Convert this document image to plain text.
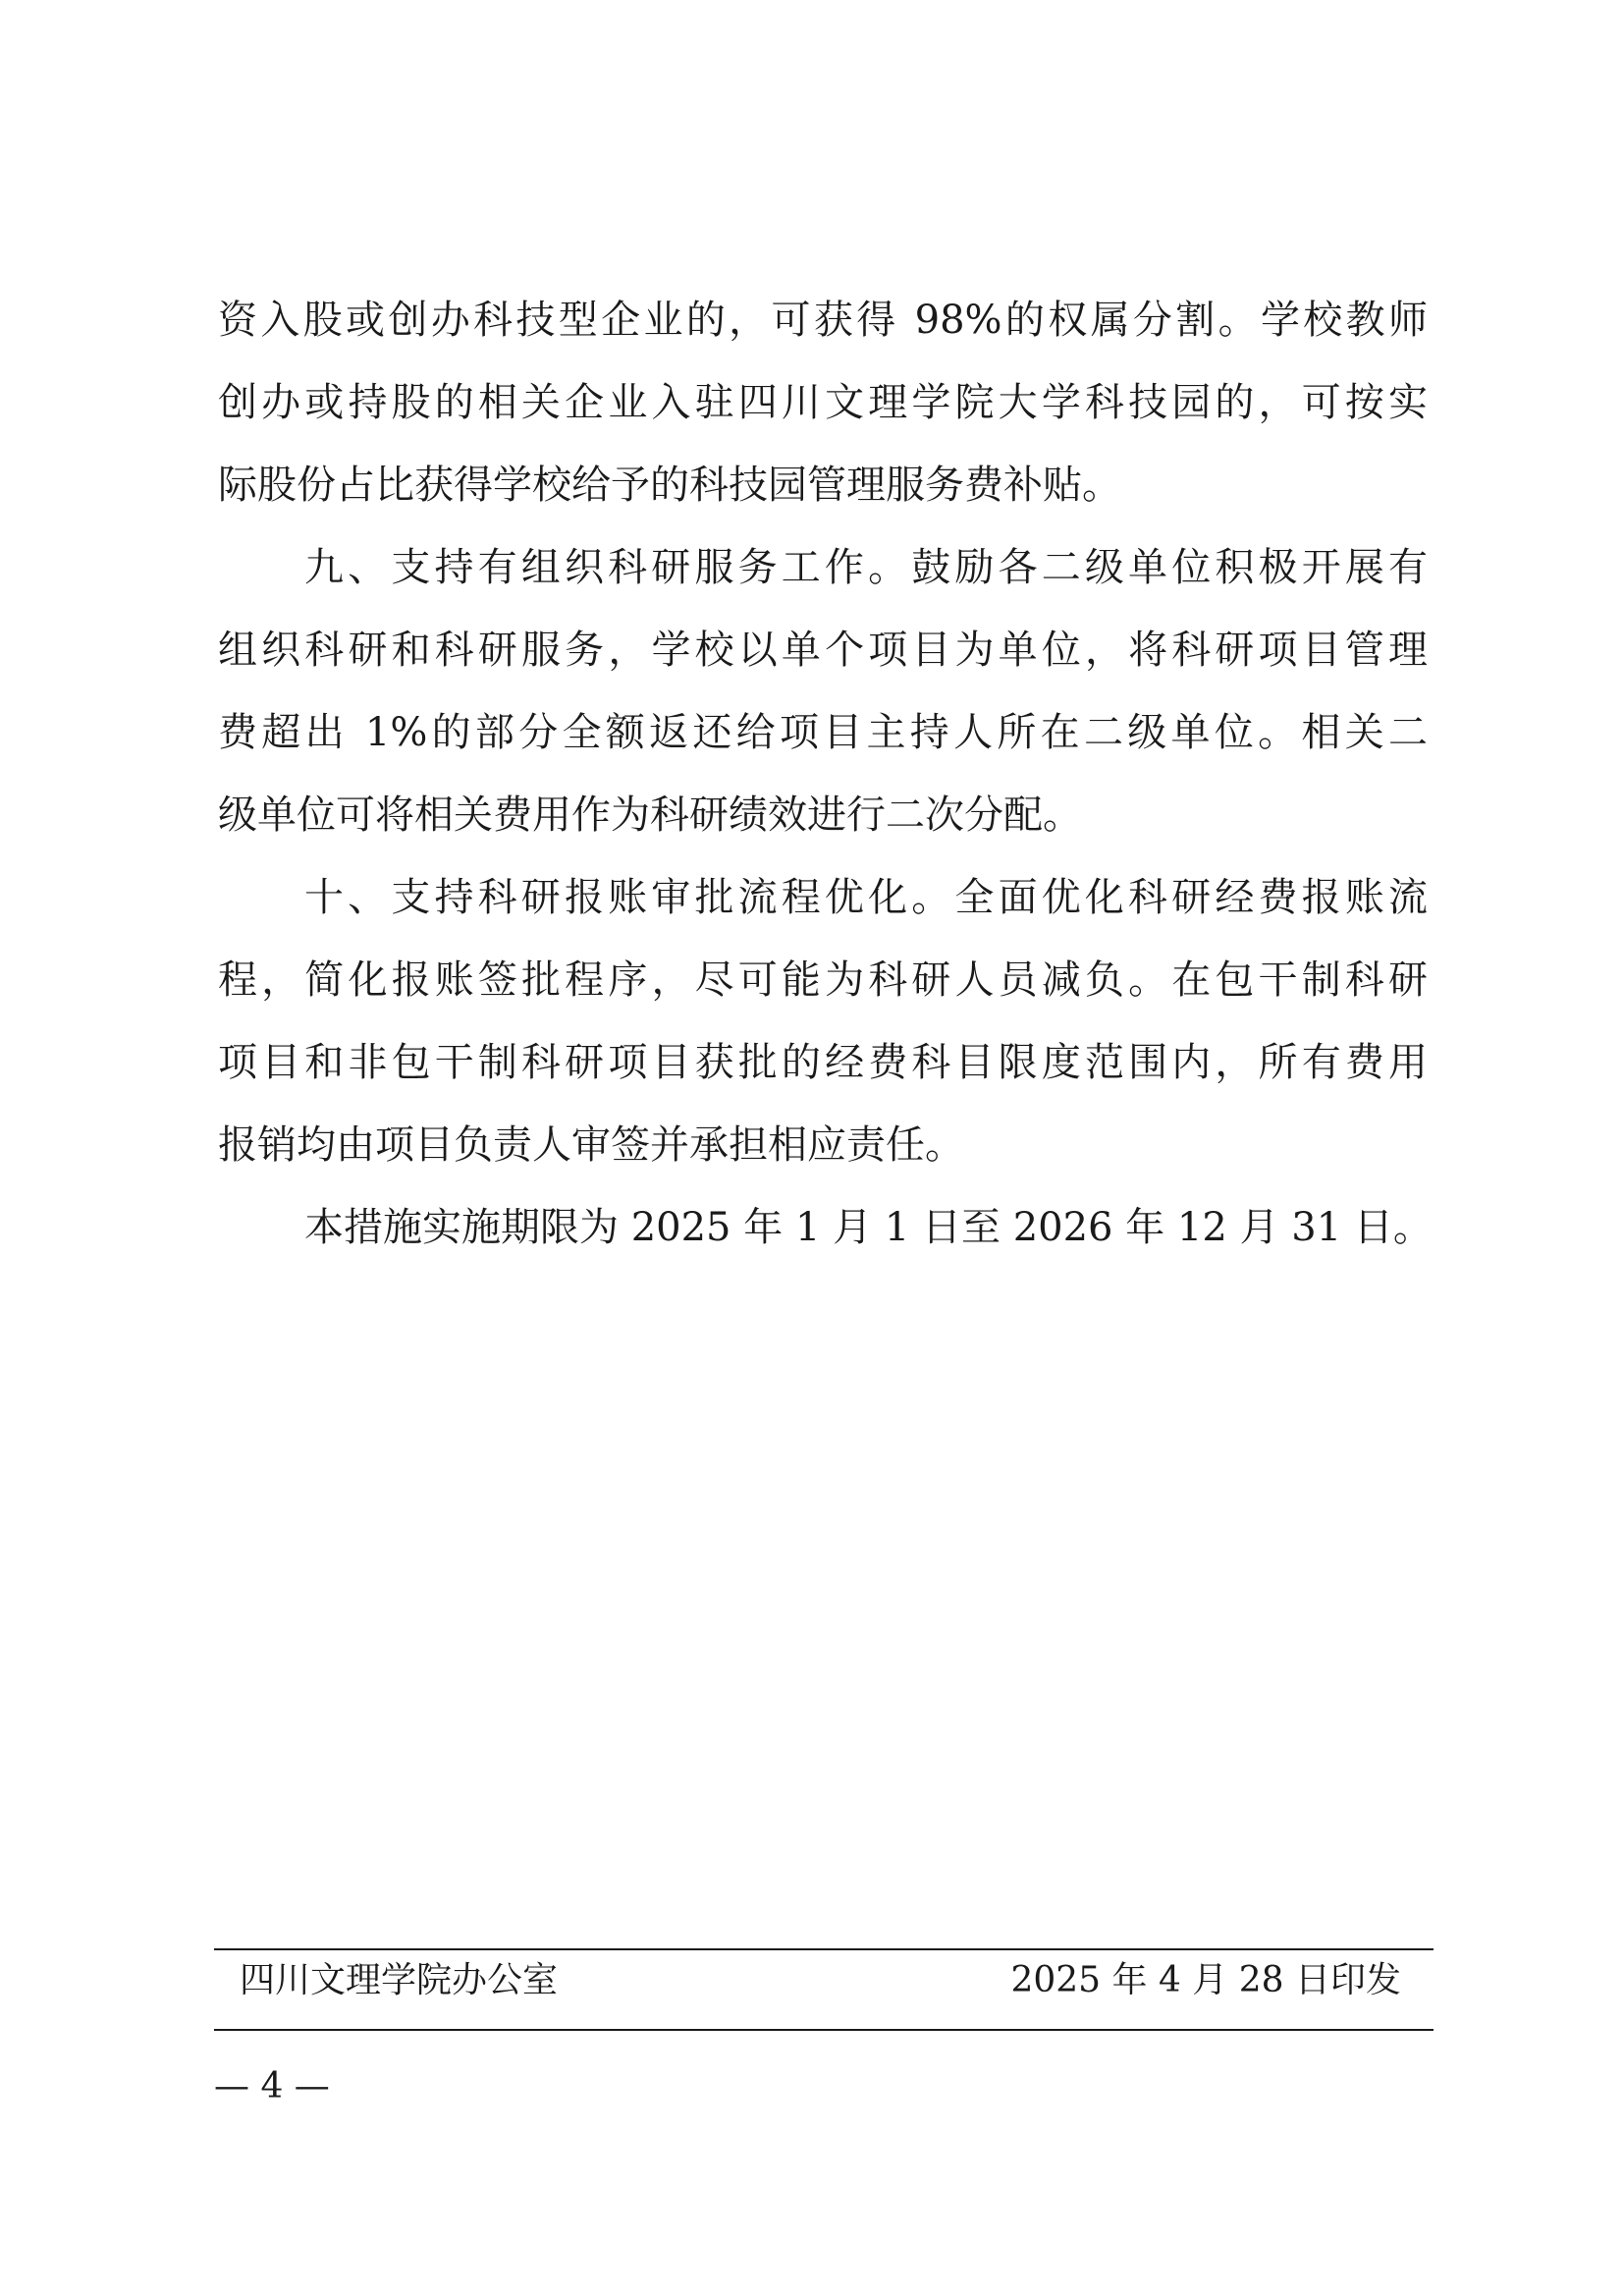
资入股或创办科技型企业的，可获得 98%的权属分割。学校教师
创办或持股的相关企业入驻四川文理学院大学科技园的，可按实
际股份占比获得学校给予的科技园管理服务费补贴。
九、支持有组织科研服务工作。鼓励各二级单位积极开展有
组织科研和科研服务，学校以单个项目为单位，将科研项目管理
费超出 1%的部分全额返还给项目主持人所在二级单位。相关二
级单位可将相关费用作为科研绩效进行二次分配。
十、支持科研报账审批流程优化。全面优化科研经费报账流
程，简化报账签批程序，尽可能为科研人员减负。在包干制科研
项目和非包干制科研项目获批的经费科目限度范围内，所有费用
报销均由项目负责人审签并承担相应责任。
本措施实施期限为 2025 年 1 月 1 日至 2026 年 12 月 31 日。
四川文理学院办公室	2025 年 4 月 28 日印发
— 4 —
